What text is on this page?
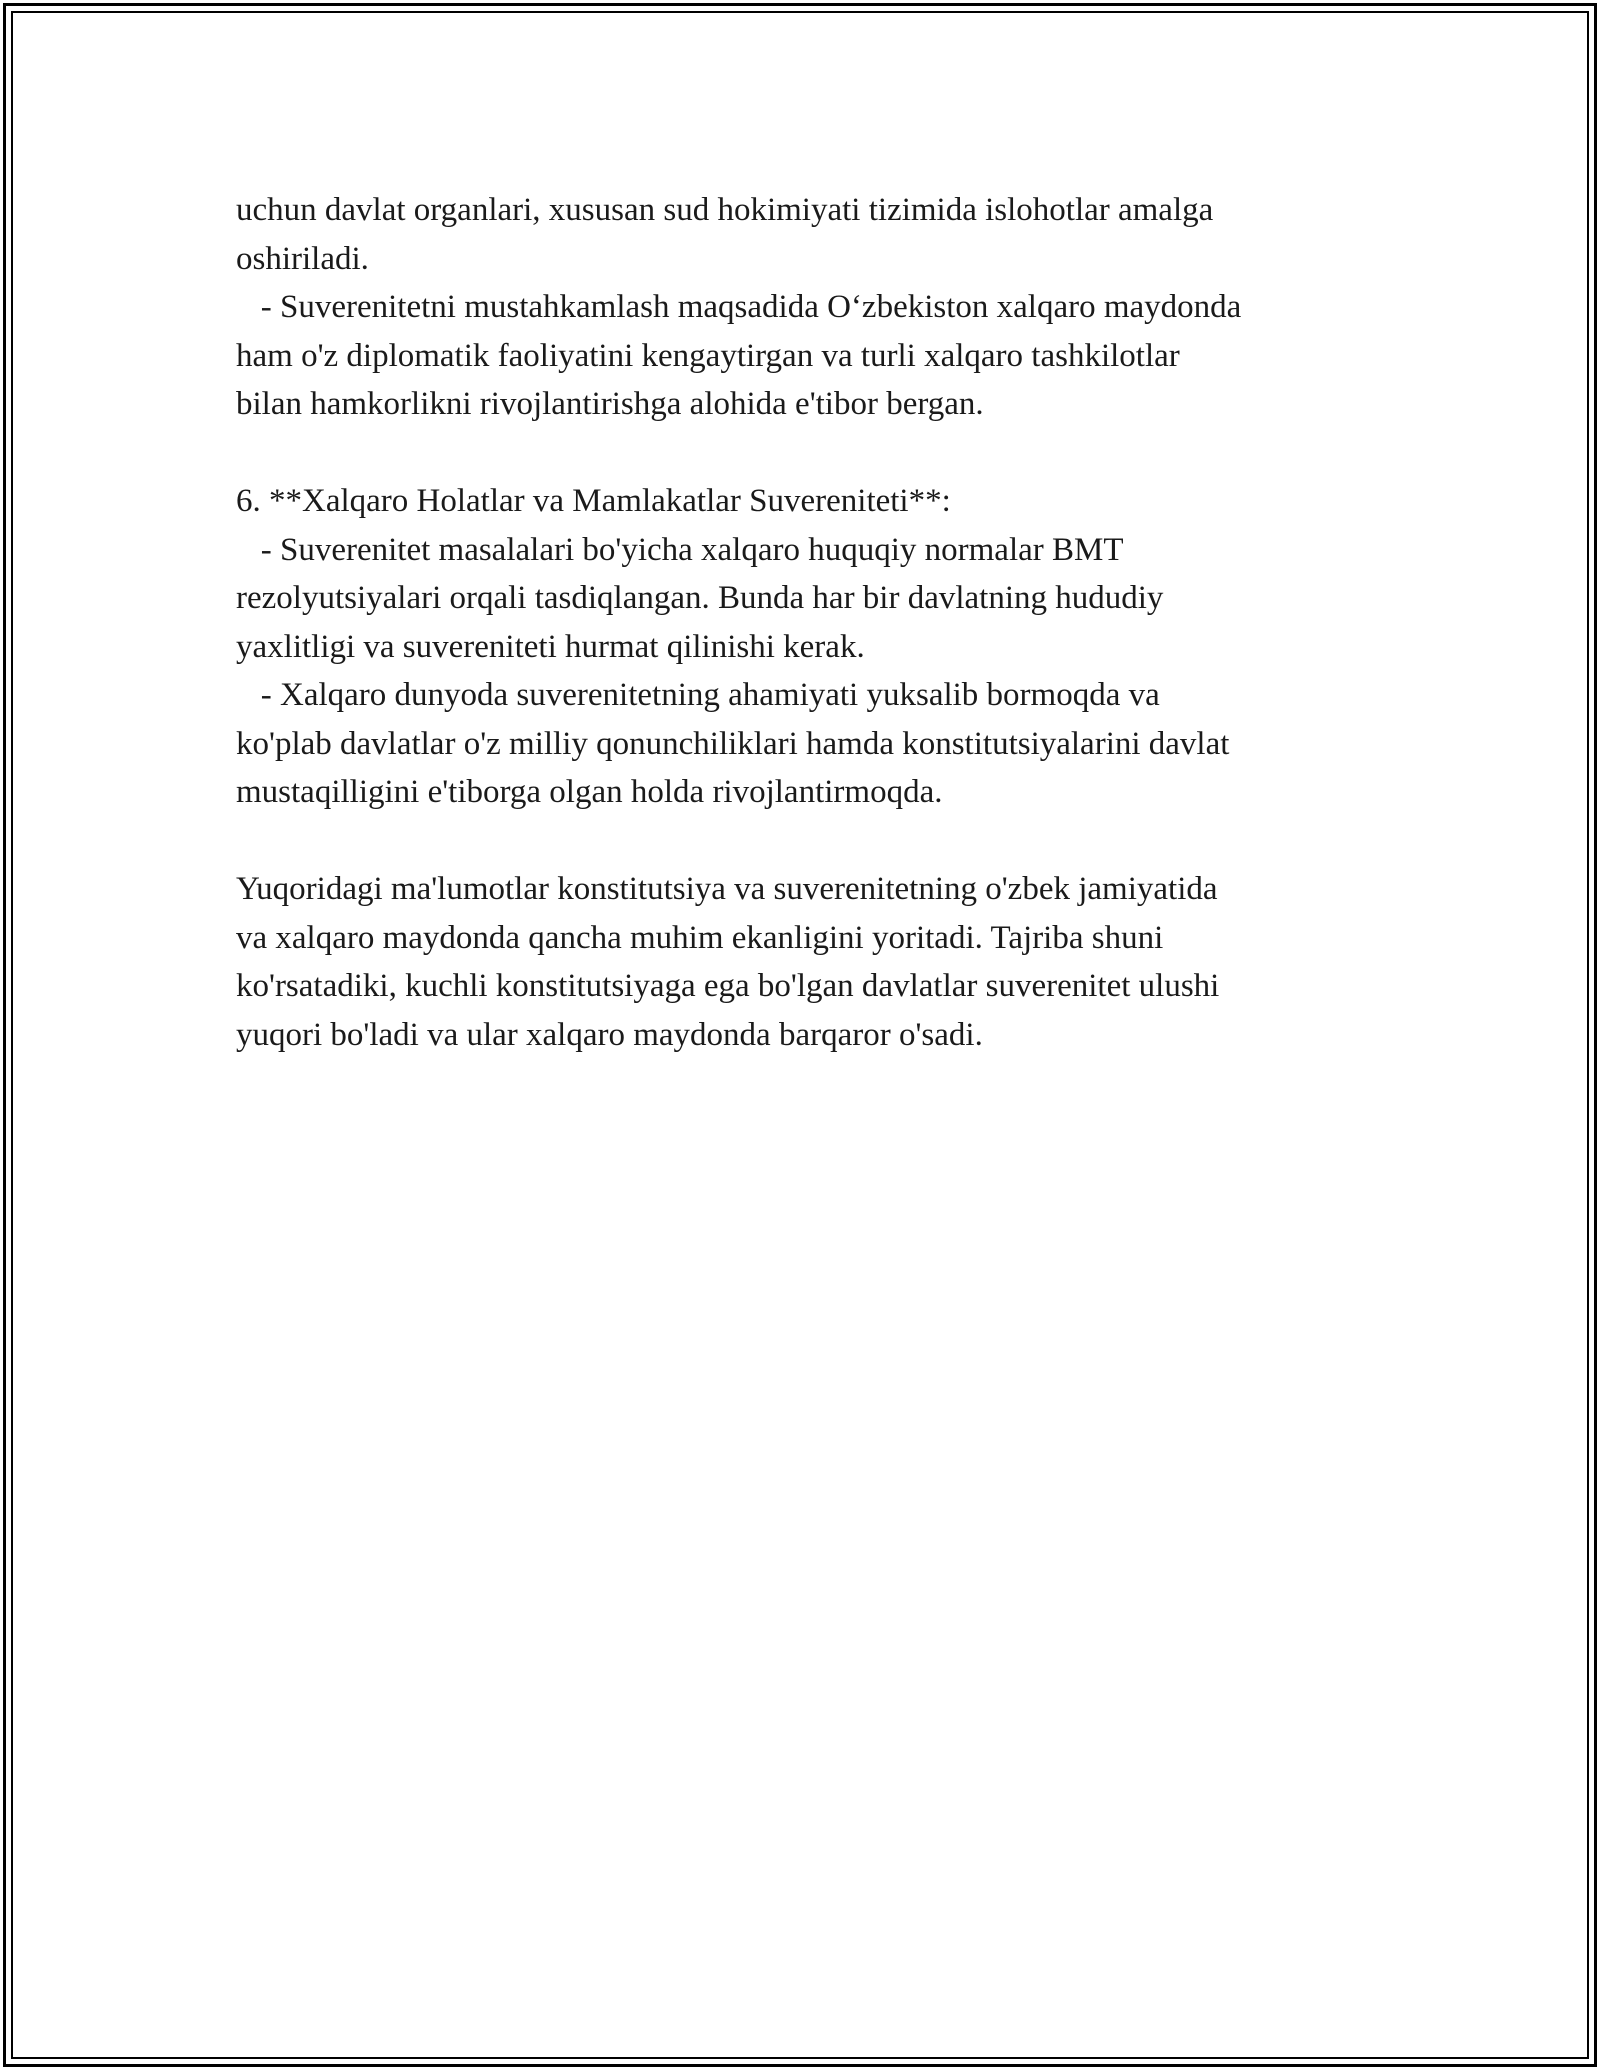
uchun davlat organlari, xususan sud hokimiyati tizimida islohotlar amalga
oshiriladi.
- Suverenitetni mustahkamlash maqsadida O‘zbekiston xalqaro maydonda
ham o'z diplomatik faoliyatini kengaytirgan va turli xalqaro tashkilotlar
bilan hamkorlikni rivojlantirishga alohida e'tibor bergan.
6. **Xalqaro Holatlar va Mamlakatlar Suvereniteti**:
- Suverenitet masalalari bo'yicha xalqaro huquqiy normalar BMT
rezolyutsiyalari orqali tasdiqlangan. Bunda har bir davlatning hududiy
yaxlitligi va suvereniteti hurmat qilinishi kerak.
- Xalqaro dunyoda suverenitetning ahamiyati yuksalib bormoqda va
ko'plab davlatlar o'z milliy qonunchiliklari hamda konstitutsiyalarini davlat
mustaqilligini e'tiborga olgan holda rivojlantirmoqda.
Yuqoridagi ma'lumotlar konstitutsiya va suverenitetning o'zbek jamiyatida
va xalqaro maydonda qancha muhim ekanligini yoritadi. Tajriba shuni
ko'rsatadiki, kuchli konstitutsiyaga ega bo'lgan davlatlar suverenitet ulushi
yuqori bo'ladi va ular xalqaro maydonda barqaror o'sadi.
